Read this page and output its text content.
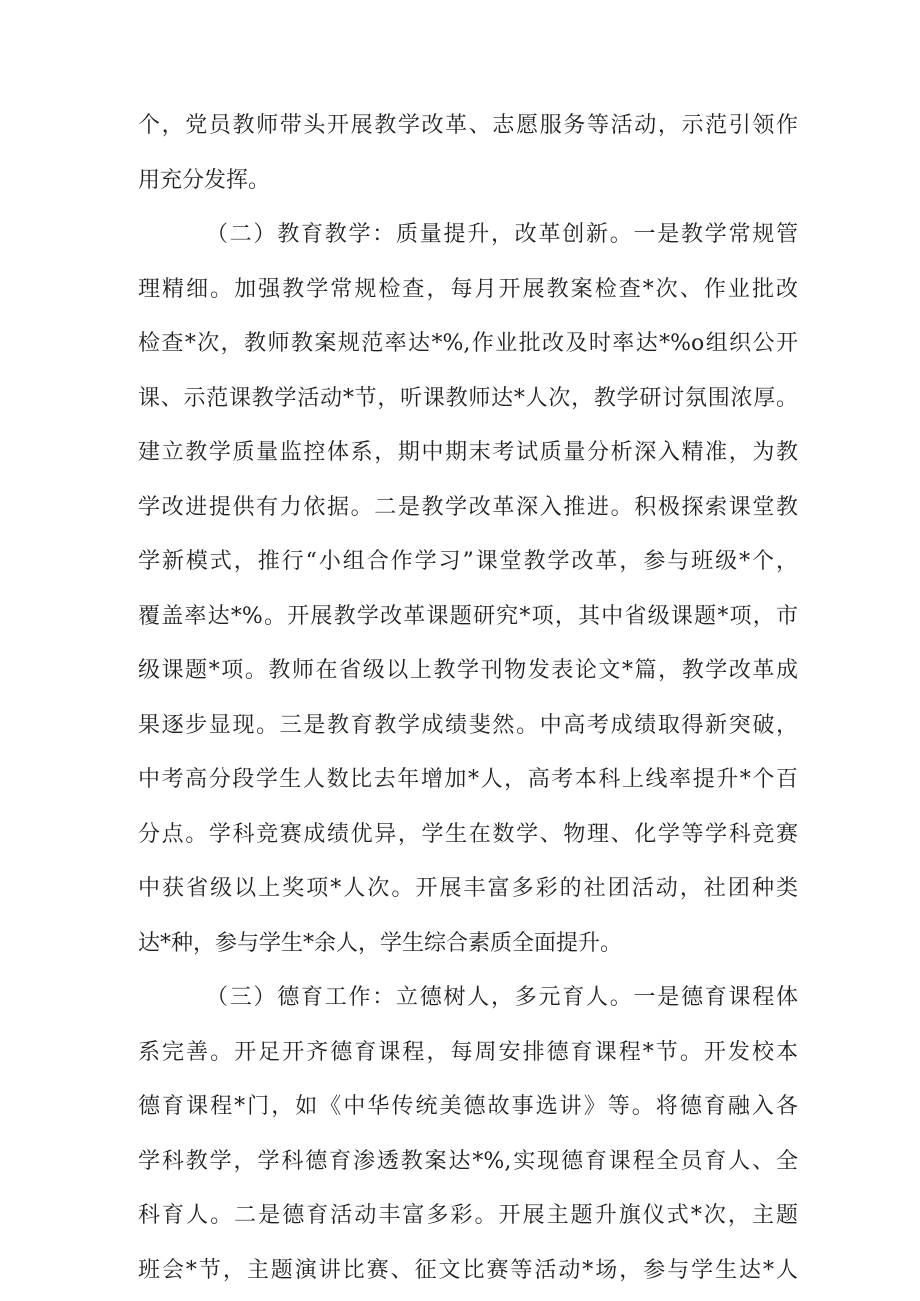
个，党员教师带头开展教学改革、志愿服务等活动，示范引领作
用充分发挥。
（二）教育教学：质量提升，改革创新。一是教学常规管
理精细。加强教学常规检查，每月开展教案检查*次、作业批改
检查*次，教师教案规范率达*%,作业批改及时率达*%o组织公开
课、示范课教学活动*节，听课教师达*人次，教学研讨氛围浓厚。
建立教学质量监控体系，期中期末考试质量分析深入精准，为教
学改进提供有力依据。二是教学改革深入推进。积极探索课堂教
学新模式，推行“小组合作学习”课堂教学改革，参与班级*个，
覆盖率达*%。开展教学改革课题研究*项，其中省级课题*项，市
级课题*项。教师在省级以上教学刊物发表论文*篇，教学改革成
果逐步显现。三是教育教学成绩斐然。中高考成绩取得新突破，
中考高分段学生人数比去年增加*人，高考本科上线率提升*个百
分点。学科竞赛成绩优异，学生在数学、物理、化学等学科竞赛
中获省级以上奖项*人次。开展丰富多彩的社团活动，社团种类
达*种，参与学生*余人，学生综合素质全面提升。
（三）德育工作：立德树人，多元育人。一是德育课程体
系完善。开足开齐德育课程，每周安排德育课程*节。开发校本
德育课程*门，如《中华传统美德故事选讲》等。将德育融入各
学科教学，学科德育渗透教案达*%,实现德育课程全员育人、全
科育人。二是德育活动丰富多彩。开展主题升旗仪式*次，主题
班会*节，主题演讲比赛、征文比赛等活动*场，参与学生达*人
